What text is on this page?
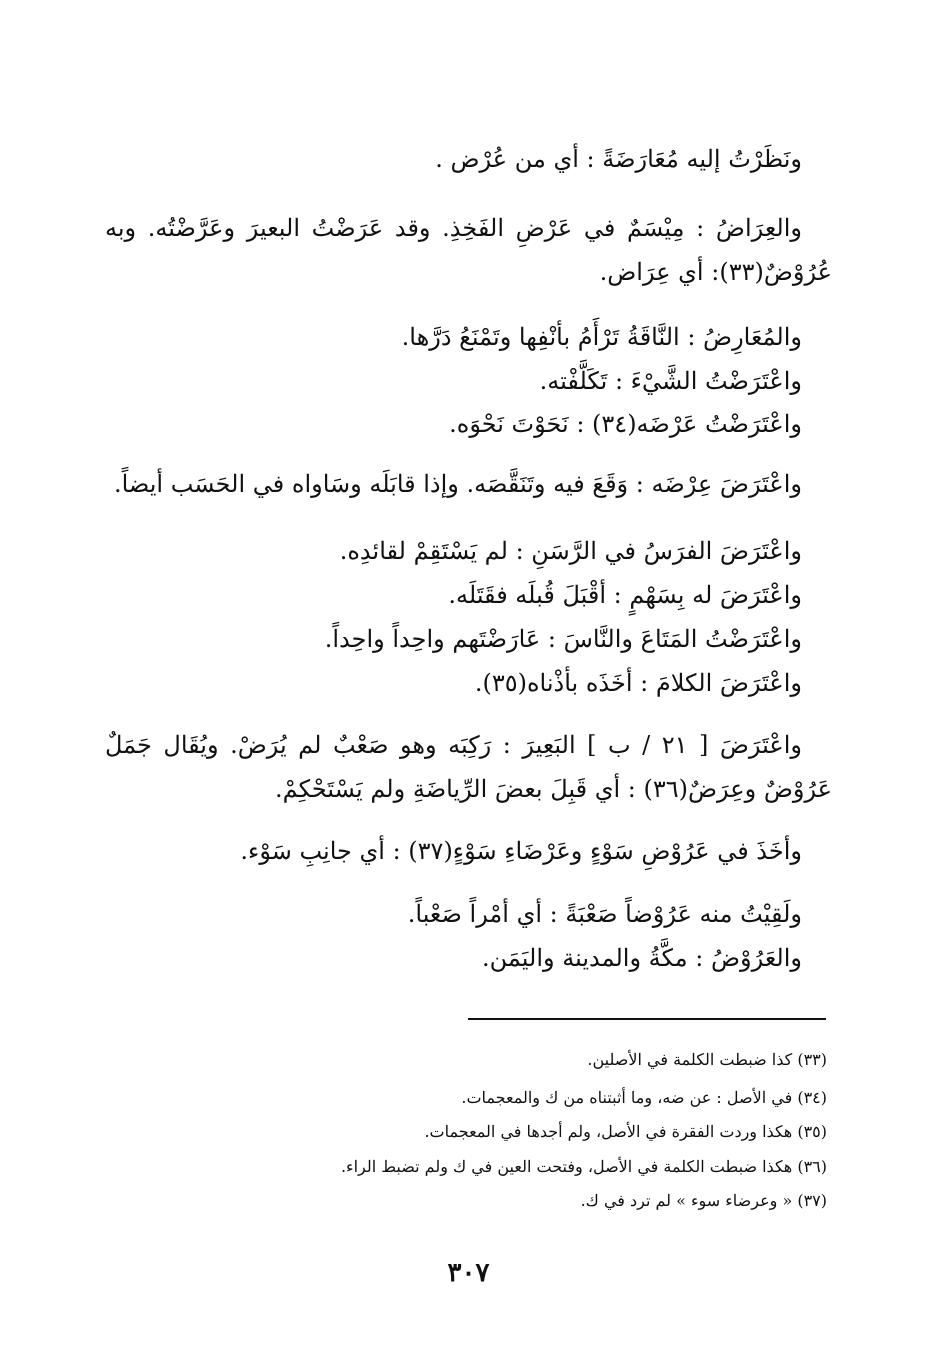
ونَظَرْتُ إليه مُعَارَضَةً : أي من عُرْض .
والعِرَاضُ : مِيْسَمٌ في عَرْضِ الفَخِذِ. وقد عَرَضْتُ البعيرَ وعَرَّضْتُه. وبه
عُرُوْضٌ(٣٣): أي عِرَاض.
والمُعَارِضُ : النَّاقَةُ تَرْأَمُ بأنْفِها وتَمْنَعُ دَرَّها.
واعْتَرَضْتُ الشَّيْءَ : تَكَلَّفْته.
واعْتَرَضْتُ عَرْضَه(٣٤) : نَحَوْتَ نَحْوَه.
واعْتَرَضَ عِرْضَه : وَقَعَ فيه وتَنَقَّصَه. وإذا قابَلَه وسَاواه في الحَسَب أيضاً.
واعْتَرَضَ الفرَسُ في الرَّسَنِ : لم يَسْتَقِمْ لقائدِه.
واعْتَرَضَ له بِسَهْمٍ : أقْبَلَ قُبلَه فقَتَلَه.
واعْتَرَضْتُ المَتَاعَ والنَّاسَ : عَارَضْتَهم واحِداً واحِداً.
واعْتَرَضَ الكلامَ : أخَذَه بأذْناه(٣٥).
واعْتَرَضَ [ ٢١ / ب ] البَعِيرَ : رَكِبَه وهو صَعْبٌ لم يُرَضْ. ويُقَال جَمَلٌ
عَرُوْضٌ وعِرَضٌ(٣٦) : أي قَبِلَ بعضَ الرِّياضَةِ ولم يَسْتَحْكِمْ.
وأخَذَ في عَرُوْضِ سَوْءٍ وعَرْضَاءِ سَوْءٍ(٣٧) : أي جانِبِ سَوْء.
ولَقِيْتُ منه عَرُوْضاً صَعْبَةً : أي أمْراً صَعْباً.
والعَرُوْضُ : مكَّةُ والمدينة واليَمَن.
(٣٣) كذا ضبطت الكلمة في الأصلين.
(٣٤) في الأصل : عن ضه، وما أثبتناه من ك والمعجمات.
(٣٥) هكذا وردت الفقرة في الأصل، ولم أجدها في المعجمات.
(٣٦) هكذا ضبطت الكلمة في الأصل، وفتحت العين في ك ولم تضبط الراء.
(٣٧) « وعرضاء سوء » لم ترد في ك.
٣٠٧
